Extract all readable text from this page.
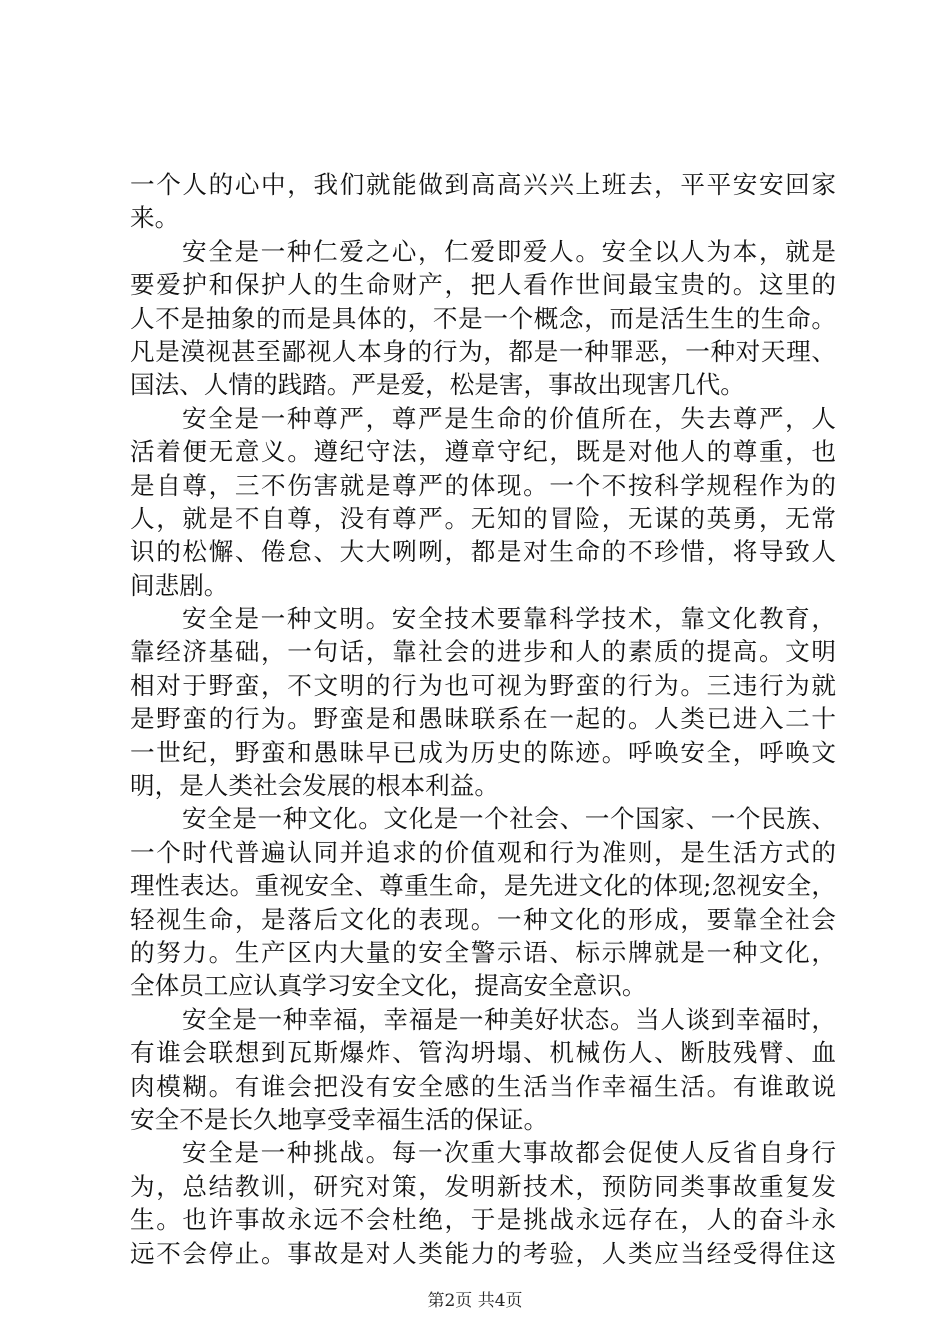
一个人的心中，我们就能做到高高兴兴上班去，平平安安回家
来。
安全是一种仁爱之心，仁爱即爱人。安全以人为本，就是
要爱护和保护人的生命财产，把人看作世间最宝贵的。这里的
人不是抽象的而是具体的，不是一个概念，而是活生生的生命。
凡是漠视甚至鄙视人本身的行为，都是一种罪恶，一种对天理、
国法、人情的践踏。严是爱，松是害，事故出现害几代。
安全是一种尊严，尊严是生命的价值所在，失去尊严，人
活着便无意义。遵纪守法，遵章守纪，既是对他人的尊重，也
是自尊，三不伤害就是尊严的体现。一个不按科学规程作为的
人，就是不自尊，没有尊严。无知的冒险，无谋的英勇，无常
识的松懈、倦怠、大大咧咧，都是对生命的不珍惜，将导致人
间悲剧。
安全是一种文明。安全技术要靠科学技术，靠文化教育，
靠经济基础，一句话，靠社会的进步和人的素质的提高。文明
相对于野蛮，不文明的行为也可视为野蛮的行为。三违行为就
是野蛮的行为。野蛮是和愚昧联系在一起的。人类已进入二十
一世纪，野蛮和愚昧早已成为历史的陈迹。呼唤安全，呼唤文
明，是人类社会发展的根本利益。
安全是一种文化。文化是一个社会、一个国家、一个民族、
一个时代普遍认同并追求的价值观和行为准则，是生活方式的
理性表达。重视安全、尊重生命，是先进文化的体现;忽视安全，
轻视生命，是落后文化的表现。一种文化的形成，要靠全社会
的努力。生产区内大量的安全警示语、标示牌就是一种文化，
全体员工应认真学习安全文化，提高安全意识。
安全是一种幸福，幸福是一种美好状态。当人谈到幸福时，
有谁会联想到瓦斯爆炸、管沟坍塌、机械伤人、断肢残臂、血
肉模糊。有谁会把没有安全感的生活当作幸福生活。有谁敢说
安全不是长久地享受幸福生活的保证。
安全是一种挑战。每一次重大事故都会促使人反省自身行
为，总结教训，研究对策，发明新技术，预防同类事故重复发
生。也许事故永远不会杜绝，于是挑战永远存在，人的奋斗永
远不会停止。事故是对人类能力的考验，人类应当经受得住这
第2页 共4页
